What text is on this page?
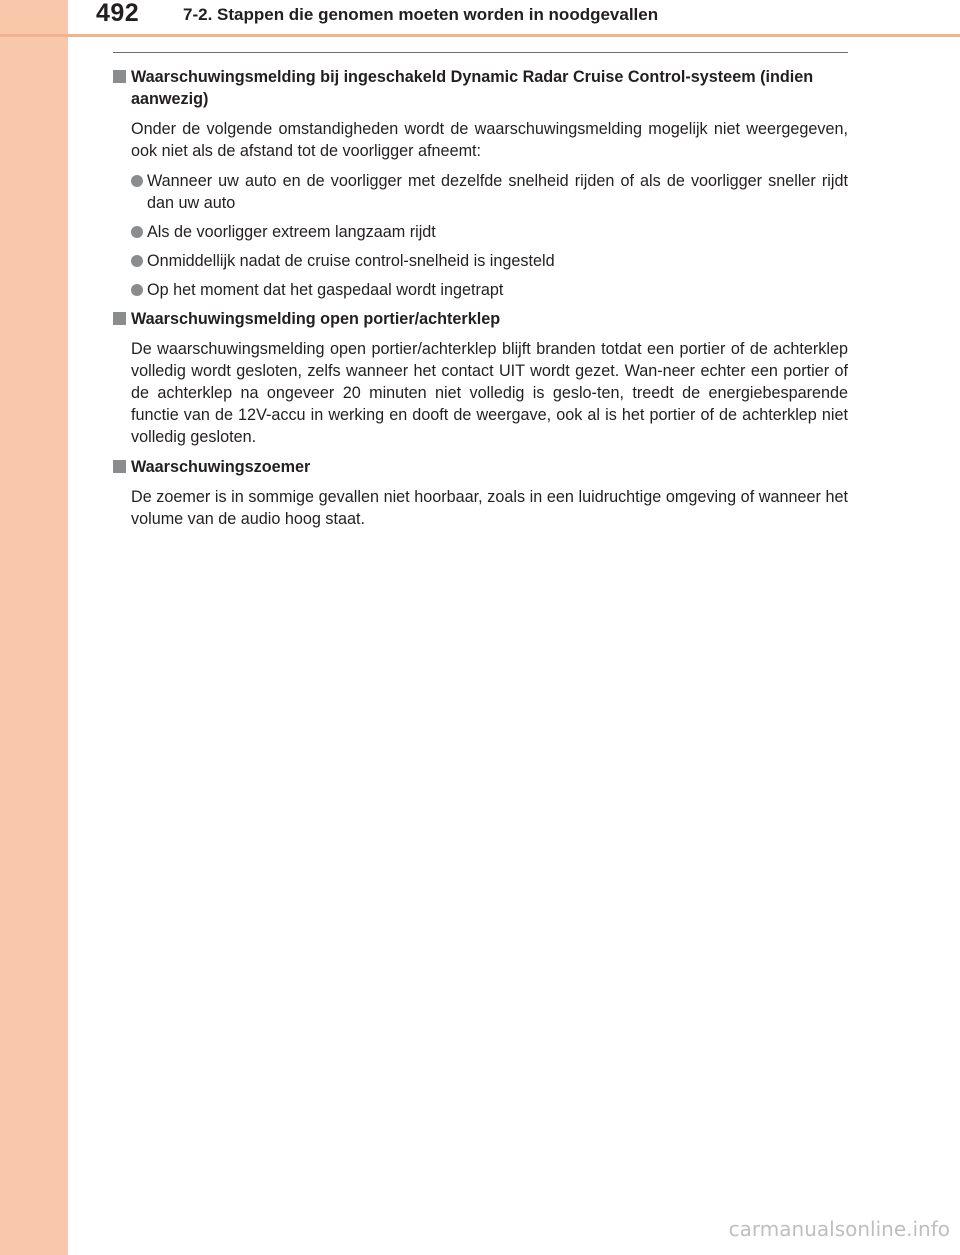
492	7-2. Stappen die genomen moeten worden in noodgevallen
Waarschuwingsmelding bij ingeschakeld Dynamic Radar Cruise Control-systeem (indien aanwezig)
Onder de volgende omstandigheden wordt de waarschuwingsmelding mogelijk niet weergegeven, ook niet als de afstand tot de voorligger afneemt:
Wanneer uw auto en de voorligger met dezelfde snelheid rijden of als de voorligger sneller rijdt dan uw auto
Als de voorligger extreem langzaam rijdt
Onmiddellijk nadat de cruise control-snelheid is ingesteld
Op het moment dat het gaspedaal wordt ingetrapt
Waarschuwingsmelding open portier/achterklep
De waarschuwingsmelding open portier/achterklep blijft branden totdat een portier of de achterklep volledig wordt gesloten, zelfs wanneer het contact UIT wordt gezet. Wan-neer echter een portier of de achterklep na ongeveer 20 minuten niet volledig is geslo-ten, treedt de energiebesparende functie van de 12V-accu in werking en dooft de weergave, ook al is het portier of de achterklep niet volledig gesloten.
Waarschuwingszoemer
De zoemer is in sommige gevallen niet hoorbaar, zoals in een luidruchtige omgeving of wanneer het volume van de audio hoog staat.
carmanualsonline.info
